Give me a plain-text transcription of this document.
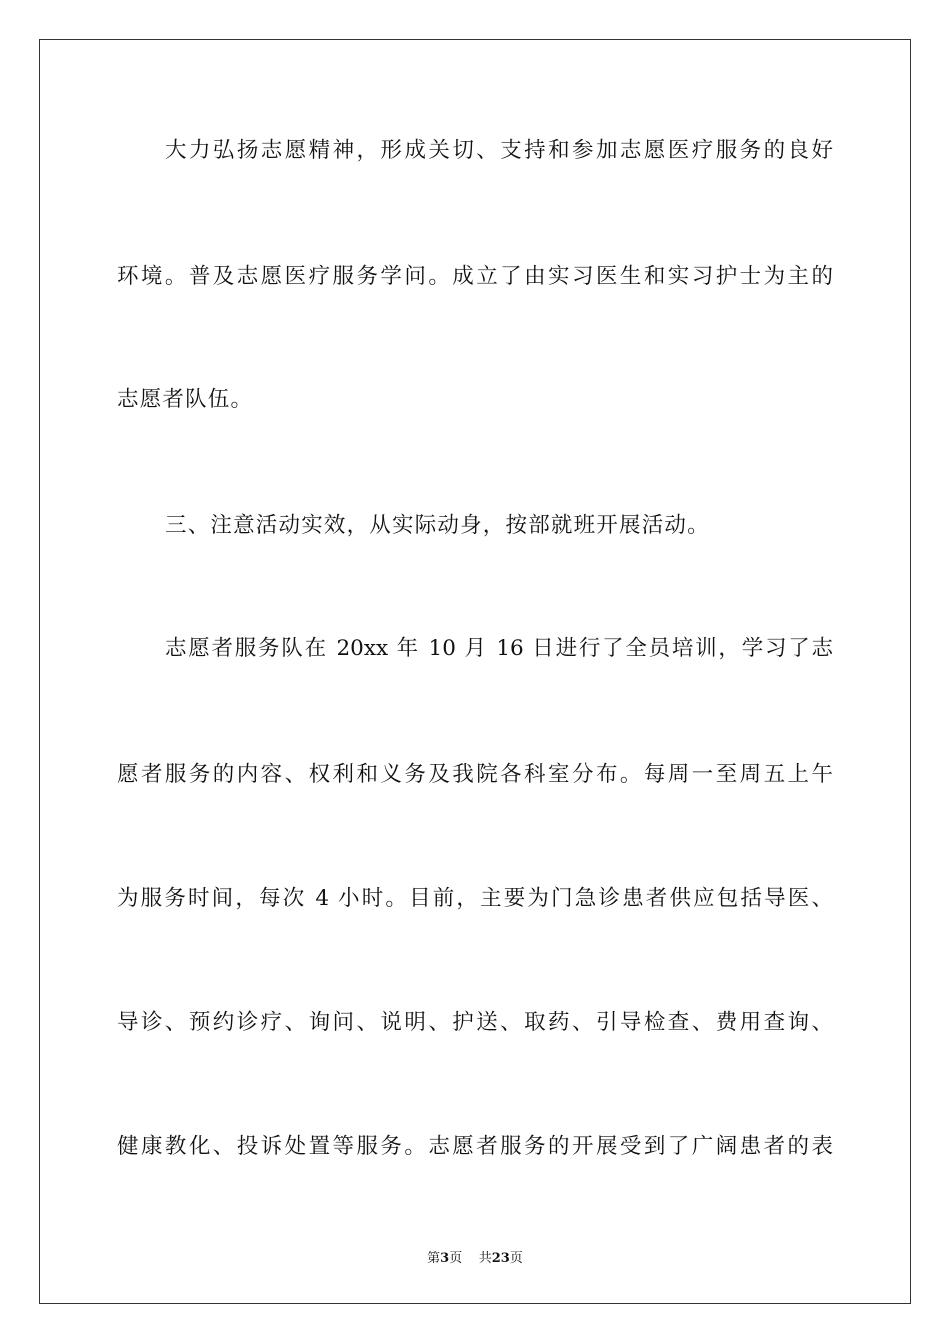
大力弘扬志愿精神，形成关切、支持和参加志愿医疗服务的良好

环境。普及志愿医疗服务学问。成立了由实习医生和实习护士为主的

志愿者队伍。

三、注意活动实效，从实际动身，按部就班开展活动。

志愿者服务队在 20xx 年 10 月 16 日进行了全员培训，学习了志

愿者服务的内容、权利和义务及我院各科室分布。每周一至周五上午

为服务时间，每次 4 小时。目前，主要为门急诊患者供应包括导医、

导诊、预约诊疗、询问、说明、护送、取药、引导检查、费用查询、

健康教化、投诉处置等服务。志愿者服务的开展受到了广阔患者的表

第3页 共23页
